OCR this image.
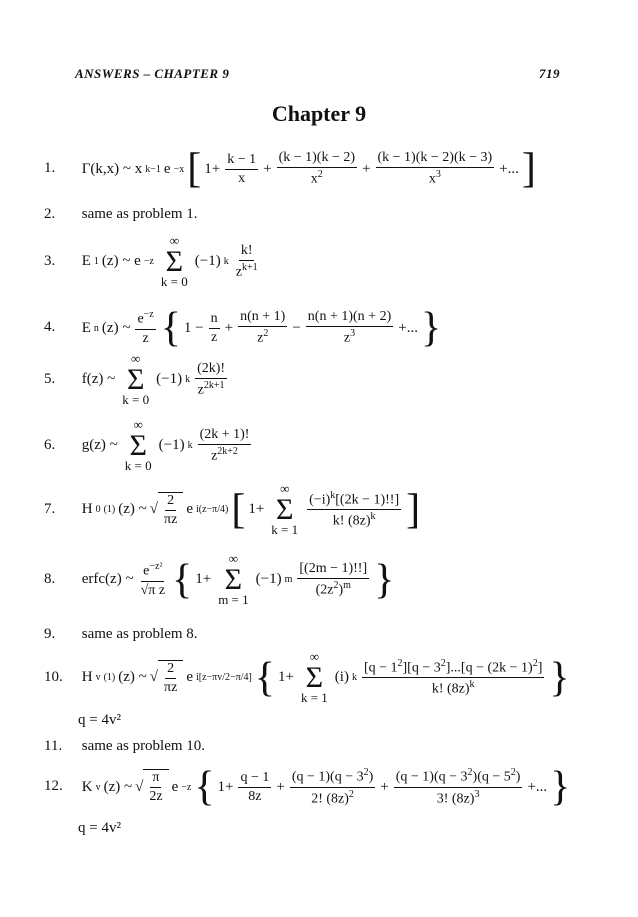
ANSWERS – CHAPTER 9	719
Chapter 9
1. Γ(k,x) ~ x k−1 e −x [ $1+ \frac{k - 1}{x} + \frac{(k - 1)(k - 2)}{x^2} + \frac{(k - 1)(k - 2)(k - 3)}{x^3}$ +... ]
2. same as problem 1.
3. E 1 (z) ~ e −z
∞
Σ
k = 0
(−1) k $\frac{k!}{z^{k+1}}$
4. E n (z) ~ $\frac{e^{-z}}{z}$ { $1 - \frac{n}{z} + \frac{n(n + 1)}{z^2} - \frac{n(n + 1)(n + 2)}{z^3}$ +... }
5. f(z) ~
∞
Σ
k = 0
(−1) k $\frac{(2k)!}{z^{2k+1}}$
6. g(z) ~
∞
Σ
k = 0
(−1) k $\frac{(2k + 1)!}{z^{2k+2}}$
7. H 0 (1) (z) ~ √ $\frac{2}{\pi z}$ e i(z−π/4) [ 1+
∞
Σ
$k = 1 \frac{(-i)^k[(2k - 1)!!]}{k! (8z)^k}$ ]
8. erfc(z) ~ $\frac{e^{-z^2}}{\text{√π z}}$ { 1+
∞
Σ
m = 1
(−1) m $\frac{[(2m - 1)!!]}{(2z^2)^m}$ }
9. same as problem 8.
10. H v (1) (z) ~ √ $\frac{2}{\pi z}$ e i[z−πv/2−π/4] { 1+
∞
Σ
k = 1
(i) k $\frac{[q - 1^2][q - 3^2]...[q - (2k - 1)^2]}{k! (8z)^k}$ }
q = 4v²
11. same as problem 10.
12. K v (z) ~ √ $\frac{\pi}{2z}$ e −z { $1+ \frac{q - 1}{8z} + \frac{(q - 1)(q - 3^2)}{2! (8z)^2} + \frac{(q - 1)(q - 3^2)(q - 5^2)}{3! (8z)^3}$ +... }
q = 4v²
